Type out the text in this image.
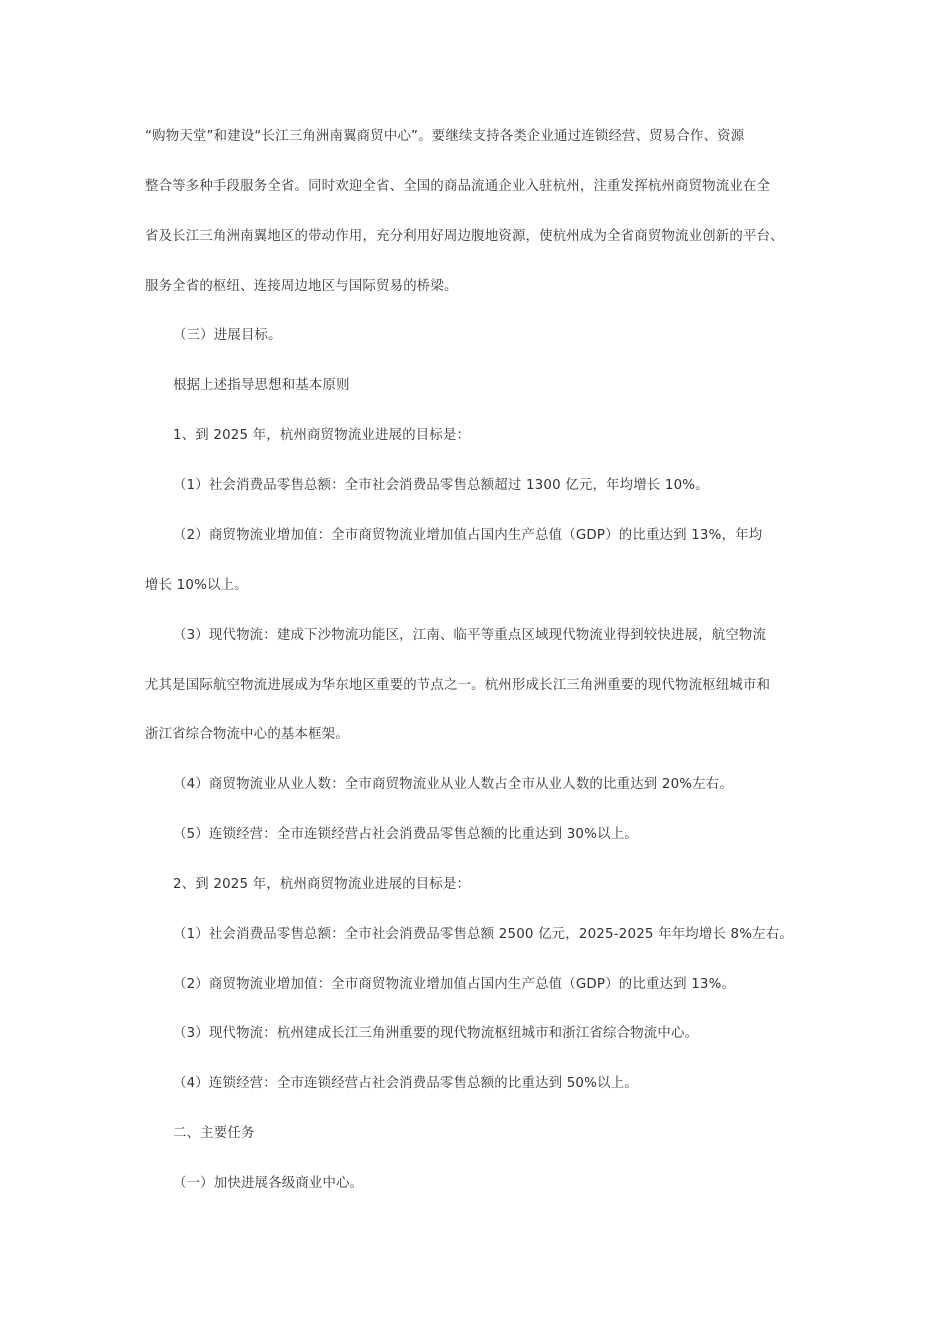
“购物天堂”和建设“长江三角洲南翼商贸中心”。要继续支持各类企业通过连锁经营、贸易合作、资源
整合等多种手段服务全省。同时欢迎全省、全国的商品流通企业入驻杭州，注重发挥杭州商贸物流业在全
省及长江三角洲南翼地区的带动作用，充分利用好周边腹地资源，使杭州成为全省商贸物流业创新的平台、
服务全省的枢纽、连接周边地区与国际贸易的桥梁。
（三）进展目标。
根据上述指导思想和基本原则
1、到 2025 年，杭州商贸物流业进展的目标是：
（1）社会消费品零售总额：全市社会消费品零售总额超过 1300 亿元，年均增长 10%。
（2）商贸物流业增加值：全市商贸物流业增加值占国内生产总值（GDP）的比重达到 13%，年均
增长 10%以上。
（3）现代物流：建成下沙物流功能区，江南、临平等重点区域现代物流业得到较快进展，航空物流
尤其是国际航空物流进展成为华东地区重要的节点之一。杭州形成长江三角洲重要的现代物流枢纽城市和
浙江省综合物流中心的基本框架。
（4）商贸物流业从业人数：全市商贸物流业从业人数占全市从业人数的比重达到 20%左右。
（5）连锁经营：全市连锁经营占社会消费品零售总额的比重达到 30%以上。
2、到 2025 年，杭州商贸物流业进展的目标是：
（1）社会消费品零售总额：全市社会消费品零售总额 2500 亿元，2025-2025 年年均增长 8%左右。
（2）商贸物流业增加值：全市商贸物流业增加值占国内生产总值（GDP）的比重达到 13%。
（3）现代物流：杭州建成长江三角洲重要的现代物流枢纽城市和浙江省综合物流中心。
（4）连锁经营：全市连锁经营占社会消费品零售总额的比重达到 50%以上。
二、主要任务
（一）加快进展各级商业中心。
